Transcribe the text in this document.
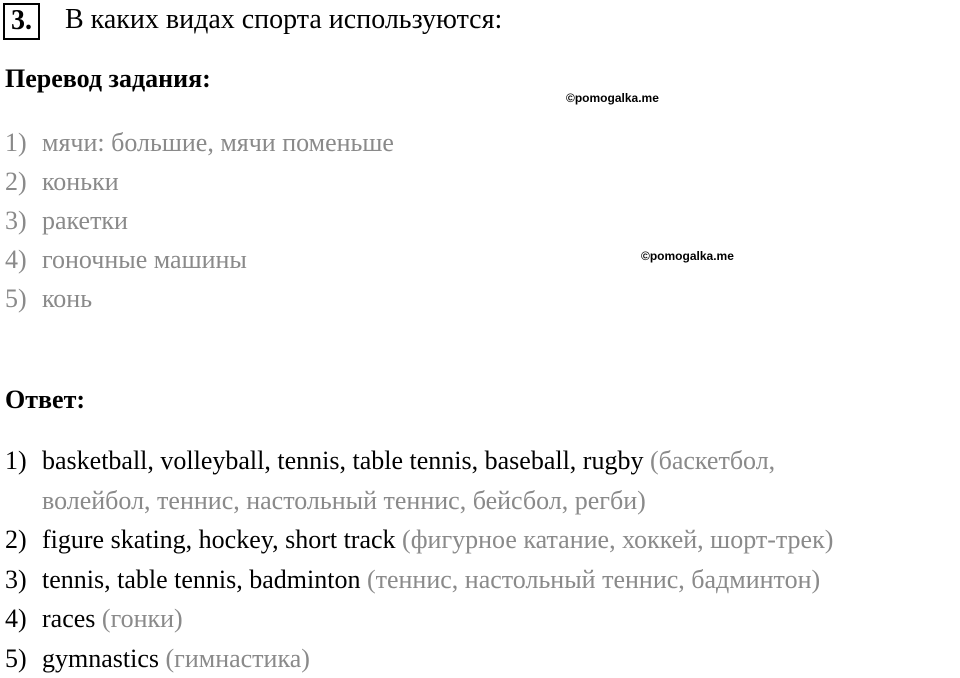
3. В каких видах спорта используются:
Перевод задания:
©pomogalka.me
©pomogalka.me
1) мячи: большие, мячи поменьше
2) коньки
3) ракетки
4) гоночные машины
5) конь
Ответ:
1) basketball, volleyball, tennis, table tennis, baseball, rugby (баскетбол,
волейбол, теннис, настольный теннис, бейсбол, регби)
2) figure skating, hockey, short track (фигурное катание, хоккей, шорт-трек)
3) tennis, table tennis, badminton (теннис, настольный теннис, бадминтон)
4) races (гонки)
5) gymnastics (гимнастика)
